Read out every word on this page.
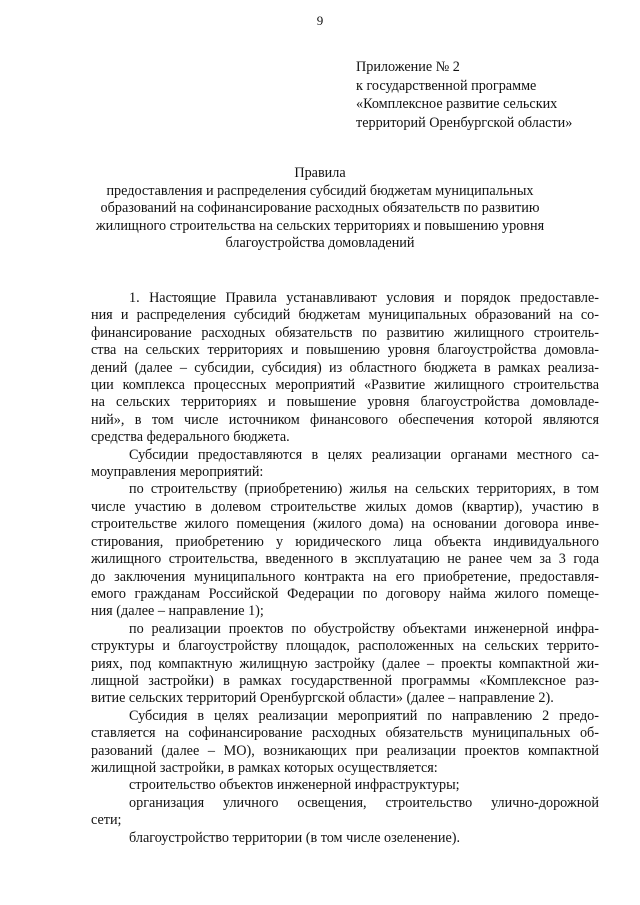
9
Приложение № 2
к государственной программе
«Комплексное развитие сельских
территорий Оренбургской области»
Правила
предоставления и распределения субсидий бюджетам муниципальных
образований на софинансирование расходных обязательств по развитию
жилищного строительства на сельских территориях и повышению уровня
благоустройства домовладений
1. Настоящие Правила устанавливают условия и порядок предоставле-
ния и распределения субсидий бюджетам муниципальных образований на со-
финансирование расходных обязательств по развитию жилищного строитель-
ства на сельских территориях и повышению уровня благоустройства домовла-
дений (далее – субсидии, субсидия) из областного бюджета в рамках реализа-
ции комплекса процессных мероприятий «Развитие жилищного строительства
на сельских территориях и повышение уровня благоустройства домовладе-
ний», в том числе источником финансового обеспечения которой являются
средства федерального бюджета.
Субсидии предоставляются в целях реализации органами местного са-
моуправления мероприятий:
по строительству (приобретению) жилья на сельских территориях, в том
числе участию в долевом строительстве жилых домов (квартир), участию в
строительстве жилого помещения (жилого дома) на основании договора инве-
стирования, приобретению у юридического лица объекта индивидуального
жилищного строительства, введенного в эксплуатацию не ранее чем за 3 года
до заключения муниципального контракта на его приобретение, предоставля-
емого гражданам Российской Федерации по договору найма жилого помеще-
ния (далее – направление 1);
по реализации проектов по обустройству объектами инженерной инфра-
структуры и благоустройству площадок, расположенных на сельских террито-
риях, под компактную жилищную застройку (далее – проекты компактной жи-
лищной застройки) в рамках государственной программы «Комплексное раз-
витие сельских территорий Оренбургской области» (далее – направление 2).
Субсидия в целях реализации мероприятий по направлению 2 предо-
ставляется на софинансирование расходных обязательств муниципальных об-
разований (далее – МО), возникающих при реализации проектов компактной
жилищной застройки, в рамках которых осуществляется:
строительство объектов инженерной инфраструктуры;
организация уличного освещения, строительство улично-дорожной
сети;
благоустройство территории (в том числе озеленение).
